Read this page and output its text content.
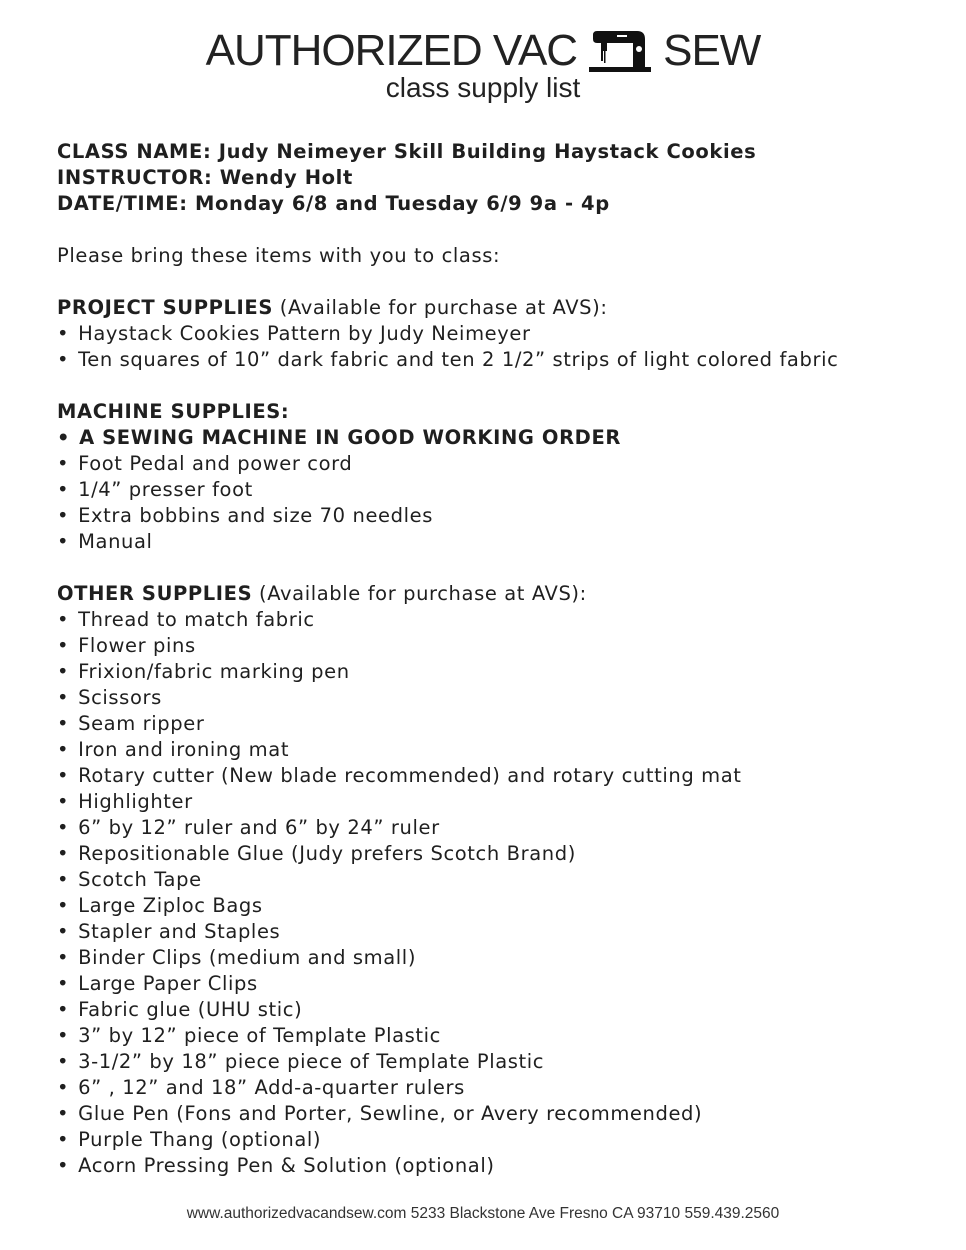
AUTHORIZED VAC SEW
class supply list

CLASS NAME: Judy Neimeyer Skill Building Haystack Cookies

INSTRUCTOR: Wendy Holt

DATE/TIME: Monday 6/8 and Tuesday 6/9 9a - 4p

Please bring these items with you to class:

PROJECT SUPPLIES (Available for purchase at AVS):

• Haystack Cookies Pattern by Judy Neimeyer
• Ten squares of 10” dark fabric and ten 2 1/2” strips of light colored fabric

MACHINE SUPPLIES:

• A SEWING MACHINE IN GOOD WORKING ORDER
• Foot Pedal and power cord
• 1/4” presser foot
• Extra bobbins and size 70 needles
• Manual

OTHER SUPPLIES (Available for purchase at AVS):

• Thread to match fabric
• Flower pins
• Frixion/fabric marking pen
• Scissors
• Seam ripper
• Iron and ironing mat
• Rotary cutter (New blade recommended) and rotary cutting mat
• Highlighter
• 6” by 12” ruler and 6” by 24” ruler
• Repositionable Glue (Judy prefers Scotch Brand)
• Scotch Tape
• Large Ziploc Bags
• Stapler and Staples
• Binder Clips (medium and small)
• Large Paper Clips
• Fabric glue (UHU stic)
• 3” by 12” piece of Template Plastic
• 3-1/2” by 18” piece piece of Template Plastic
• 6” , 12” and 18” Add-a-quarter rulers
• Glue Pen (Fons and Porter, Sewline, or Avery recommended)
• Purple Thang (optional)
• Acorn Pressing Pen & Solution (optional)
www.authorizedvacandsew.com 5233 Blackstone Ave Fresno CA 93710 559.439.2560
